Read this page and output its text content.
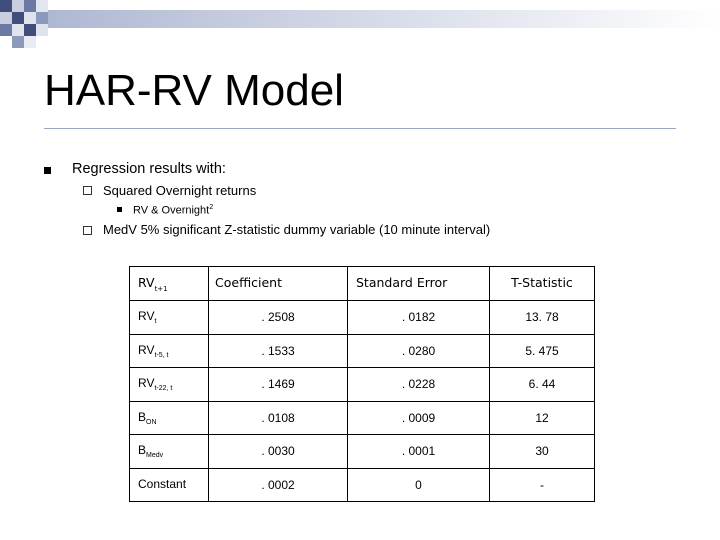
HAR-RV Model
Regression results with:
Squared Overnight returns
RV & Overnight$^2$
MedV 5% significant Z-statistic dummy variable (10 minute interval)
$RV_{t+1}$	Coefficient	Standard Error	T-Statistic
$RV_t$	. 2508	. 0182	13. 78
$RV_{t-5, t}$	. 1533	. 0280	5. 475
$RV_{t-22, t}$	. 1469	. 0228	6. 44
$B_{ON}$	. 0108	. 0009	12
$B_{Medv}$	. 0030	. 0001	30
Constant	. 0002	0	-
